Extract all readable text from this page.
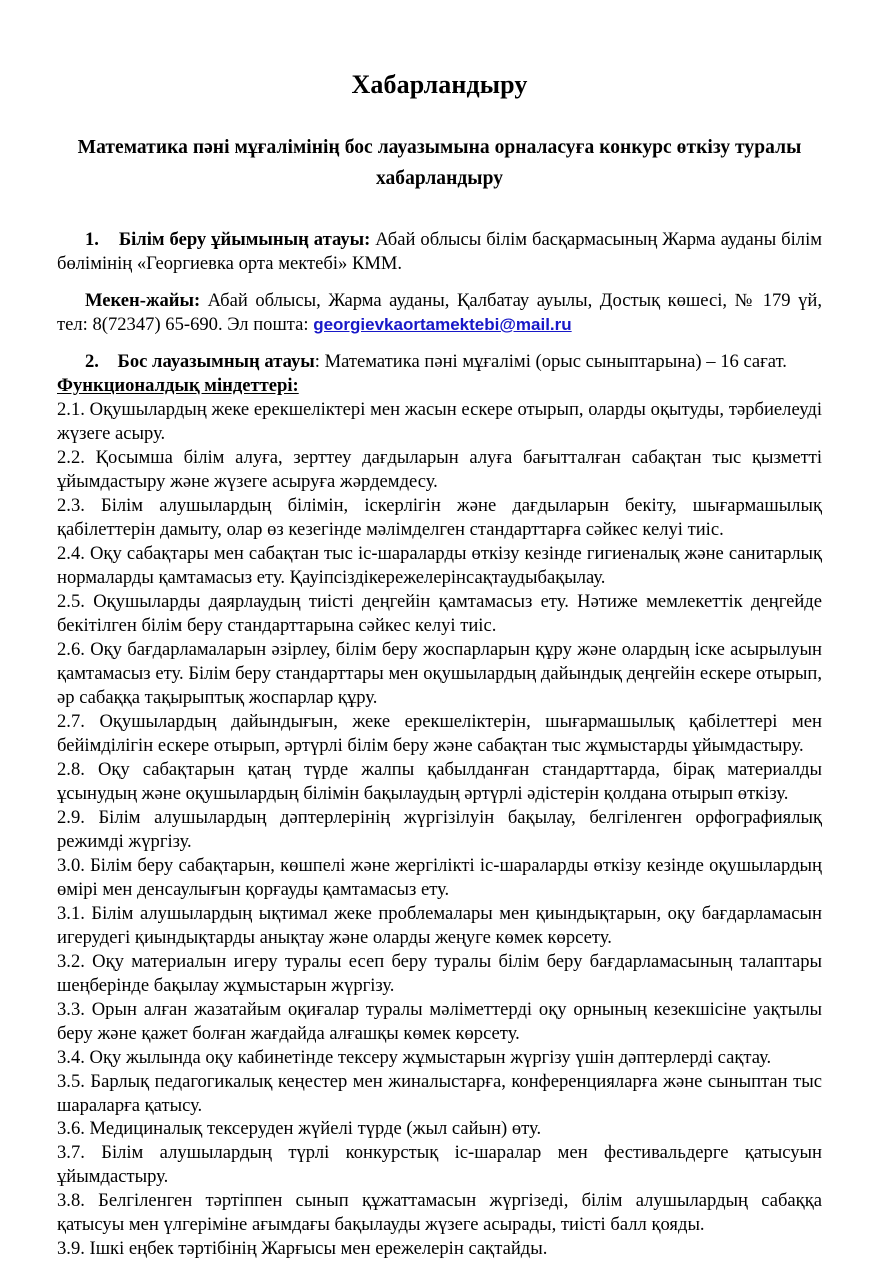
Хабарландыру
Математика пәні мұғалімінің бос лауазымына орналасуға конкурс өткізу туралы хабарландыру

1. Білім беру ұйымының атауы: Абай облысы білім басқармасының Жарма ауданы білім бөлімінің «Георгиевка орта мектебі» КММ.

Мекен-жайы: Абай облысы, Жарма ауданы, Қалбатау ауылы, Достық көшесі, № 179 үй, тел: 8(72347) 65-690. Эл пошта: georgievkaortamektebi@mail.ru

2. Бос лауазымның атауы: Математика пәні мұғалімі (орыс сыныптарына) – 16 сағат.

Функционалдық міндеттері:

2.1. Оқушылардың жеке ерекшеліктері мен жасын ескере отырып, оларды оқытуды, тәрбиелеуді жүзеге асыру.

2.2. Қосымша білім алуға, зерттеу дағдыларын алуға бағытталған сабақтан тыс қызметті ұйымдастыру және жүзеге асыруға жәрдемдесу.

2.3. Білім алушылардың білімін, іскерлігін және дағдыларын бекіту, шығармашылық қабілеттерін дамыту, олар өз кезегінде мәлімделген стандарттарға сәйкес келуі тиіс.

2.4. Оқу сабақтары мен сабақтан тыс іс-шараларды өткізу кезінде гигиеналық және санитарлық нормаларды қамтамасыз ету. Қауіпсіздікережелерінсақтаудыбақылау.

2.5. Оқушыларды даярлаудың тиісті деңгейін қамтамасыз ету. Нәтиже мемлекеттік деңгейде бекітілген білім беру стандарттарына сәйкес келуі тиіс.

2.6. Оқу бағдарламаларын әзірлеу, білім беру жоспарларын құру және олардың іске асырылуын қамтамасыз ету. Білім беру стандарттары мен оқушылардың дайындық деңгейін ескере отырып, әр сабаққа тақырыптық жоспарлар құру.

2.7. Оқушылардың дайындығын, жеке ерекшеліктерін, шығармашылық қабілеттері мен бейімділігін ескере отырып, әртүрлі білім беру және сабақтан тыс жұмыстарды ұйымдастыру.

2.8. Оқу сабақтарын қатаң түрде жалпы қабылданған стандарттарда, бірақ материалды ұсынудың және оқушылардың білімін бақылаудың әртүрлі әдістерін қолдана отырып өткізу.

2.9. Білім алушылардың дәптерлерінің жүргізілуін бақылау, белгіленген орфографиялық режимді жүргізу.

3.0. Білім беру сабақтарын, көшпелі және жергілікті іс-шараларды өткізу кезінде оқушылардың өмірі мен денсаулығын қорғауды қамтамасыз ету.

3.1. Білім алушылардың ықтимал жеке проблемалары мен қиындықтарын, оқу бағдарламасын игерудегі қиындықтарды анықтау және оларды жеңуге көмек көрсету.

3.2. Оқу материалын игеру туралы есеп беру туралы білім беру бағдарламасының талаптары шеңберінде бақылау жұмыстарын жүргізу.

3.3. Орын алған жазатайым оқиғалар туралы мәліметтерді оқу орнының кезекшісіне уақтылы беру және қажет болған жағдайда алғашқы көмек көрсету.

3.4. Оқу жылында оқу кабинетінде тексеру жұмыстарын жүргізу үшін дәптерлерді сақтау.

3.5. Барлық педагогикалық кеңестер мен жиналыстарға, конференцияларға және сыныптан тыс шараларға қатысу.

3.6. Медициналық тексеруден жүйелі түрде (жыл сайын) өту.

3.7. Білім алушылардың түрлі конкурстық іс-шаралар мен фестивальдерге қатысуын ұйымдастыру.

3.8. Белгіленген тәртіппен сынып құжаттамасын жүргізеді, білім алушылардың сабаққа қатысуы мен үлгеріміне ағымдағы бақылауды жүзеге асырады, тиісті балл қояды.

3.9. Ішкі еңбек тәртібінің Жарғысы мен ережелерін сақтайды.
